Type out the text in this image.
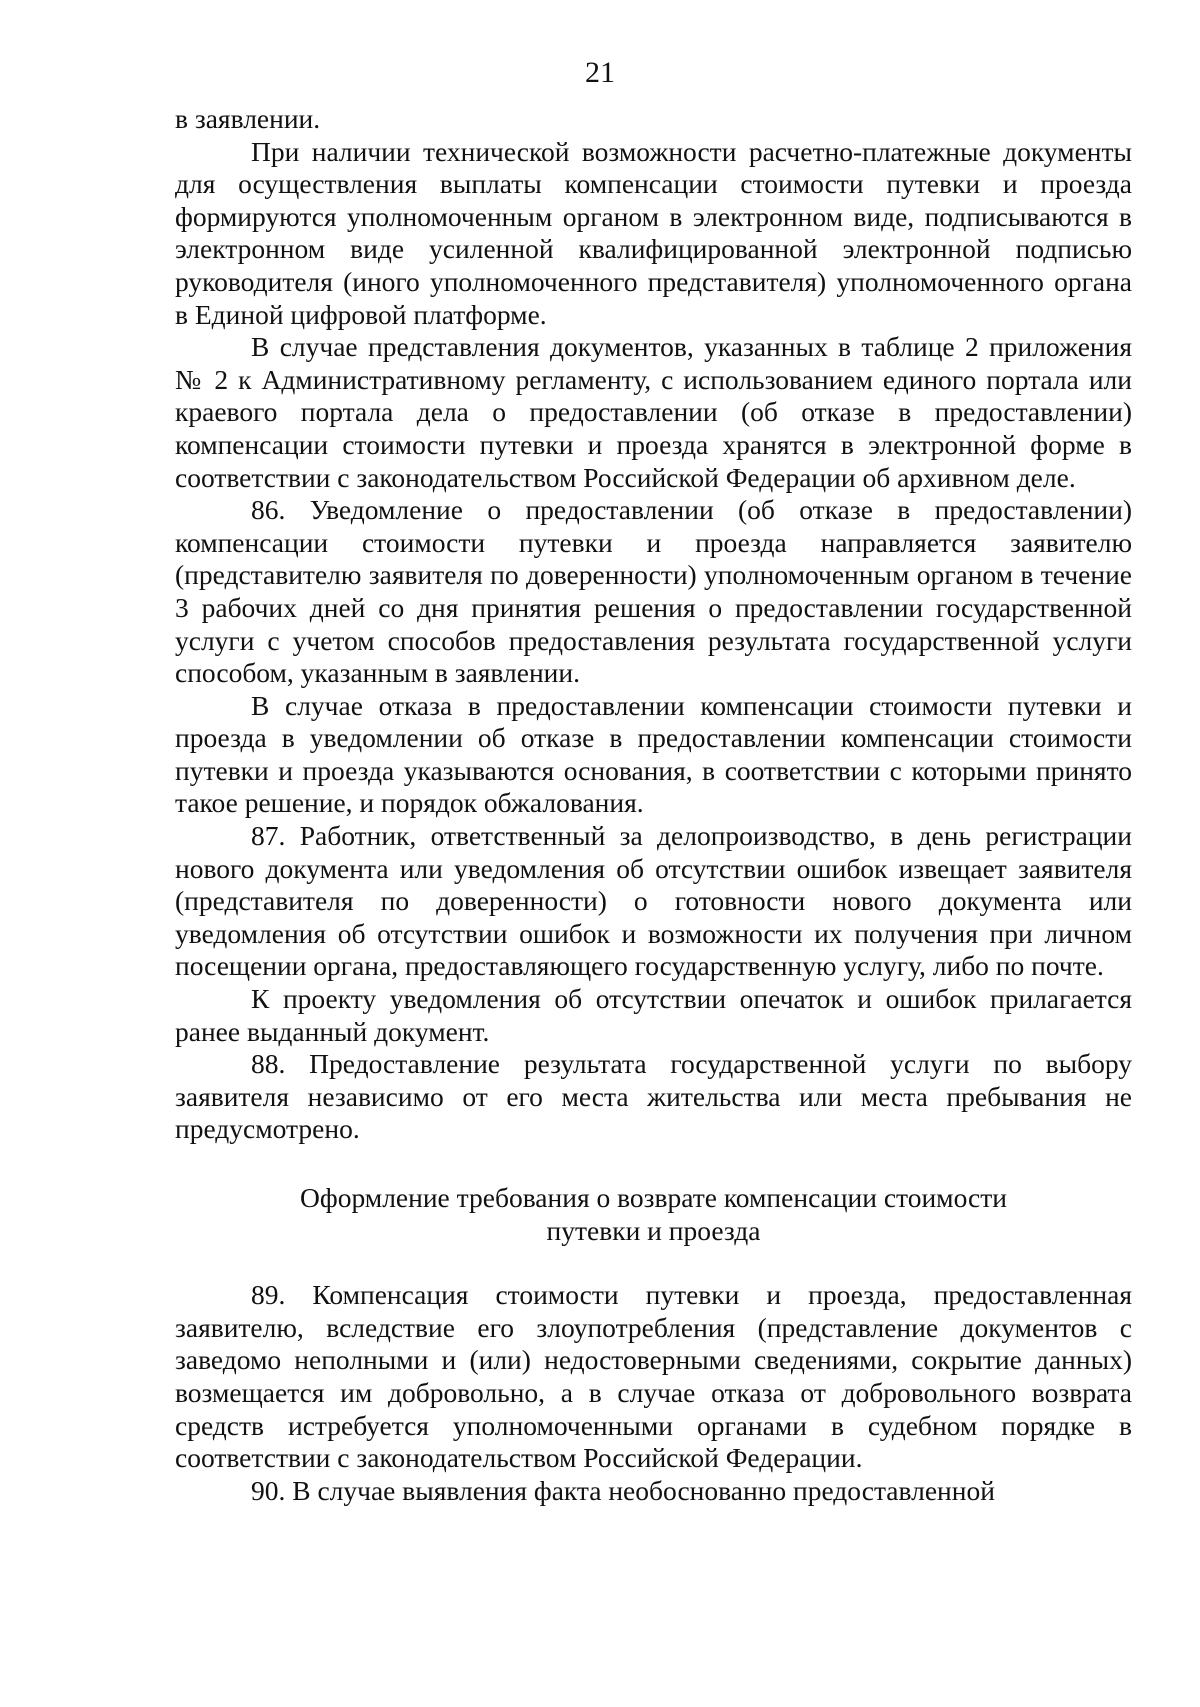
21

в заявлении.

При наличии технической возможности расчетно-платежные документы для осуществления выплаты компенсации стоимости путевки и проезда формируются уполномоченным органом в электронном виде, подписываются в электронном виде усиленной квалифицированной электронной подписью руководителя (иного уполномоченного представителя) уполномоченного органа в Единой цифровой платформе.

В случае представления документов, указанных в таблице 2 приложения № 2 к Административному регламенту, с использованием единого портала или краевого портала дела о предоставлении (об отказе в предоставлении) компенсации стоимости путевки и проезда хранятся в электронной форме в соответствии с законодательством Российской Федерации об архивном деле.

86. Уведомление о предоставлении (об отказе в предоставлении) компенсации стоимости путевки и проезда направляется заявителю (представителю заявителя по доверенности) уполномоченным органом в течение 3 рабочих дней со дня принятия решения о предоставлении государственной услуги с учетом способов предоставления результата государственной услуги способом, указанным в заявлении.

В случае отказа в предоставлении компенсации стоимости путевки и проезда в уведомлении об отказе в предоставлении компенсации стоимости путевки и проезда указываются основания, в соответствии с которыми принято такое решение, и порядок обжалования.

87. Работник, ответственный за делопроизводство, в день регистрации нового документа или уведомления об отсутствии ошибок извещает заявителя (представителя по доверенности) о готовности нового документа или уведомления об отсутствии ошибок и возможности их получения при личном посещении органа, предоставляющего государственную услугу, либо по почте.

К проекту уведомления об отсутствии опечаток и ошибок прилагается ранее выданный документ.

88. Предоставление результата государственной услуги по выбору заявителя независимо от его места жительства или места пребывания не предусмотрено.

Оформление требования о возврате компенсации стоимости
путевки и проезда

89. Компенсация стоимости путевки и проезда, предоставленная заявителю, вследствие его злоупотребления (представление документов с заведомо неполными и (или) недостоверными сведениями, сокрытие данных) возмещается им добровольно, а в случае отказа от добровольного возврата средств истребуется уполномоченными органами в судебном порядке в соответствии с законодательством Российской Федерации.

90. В случае выявления факта необоснованно предоставленной
